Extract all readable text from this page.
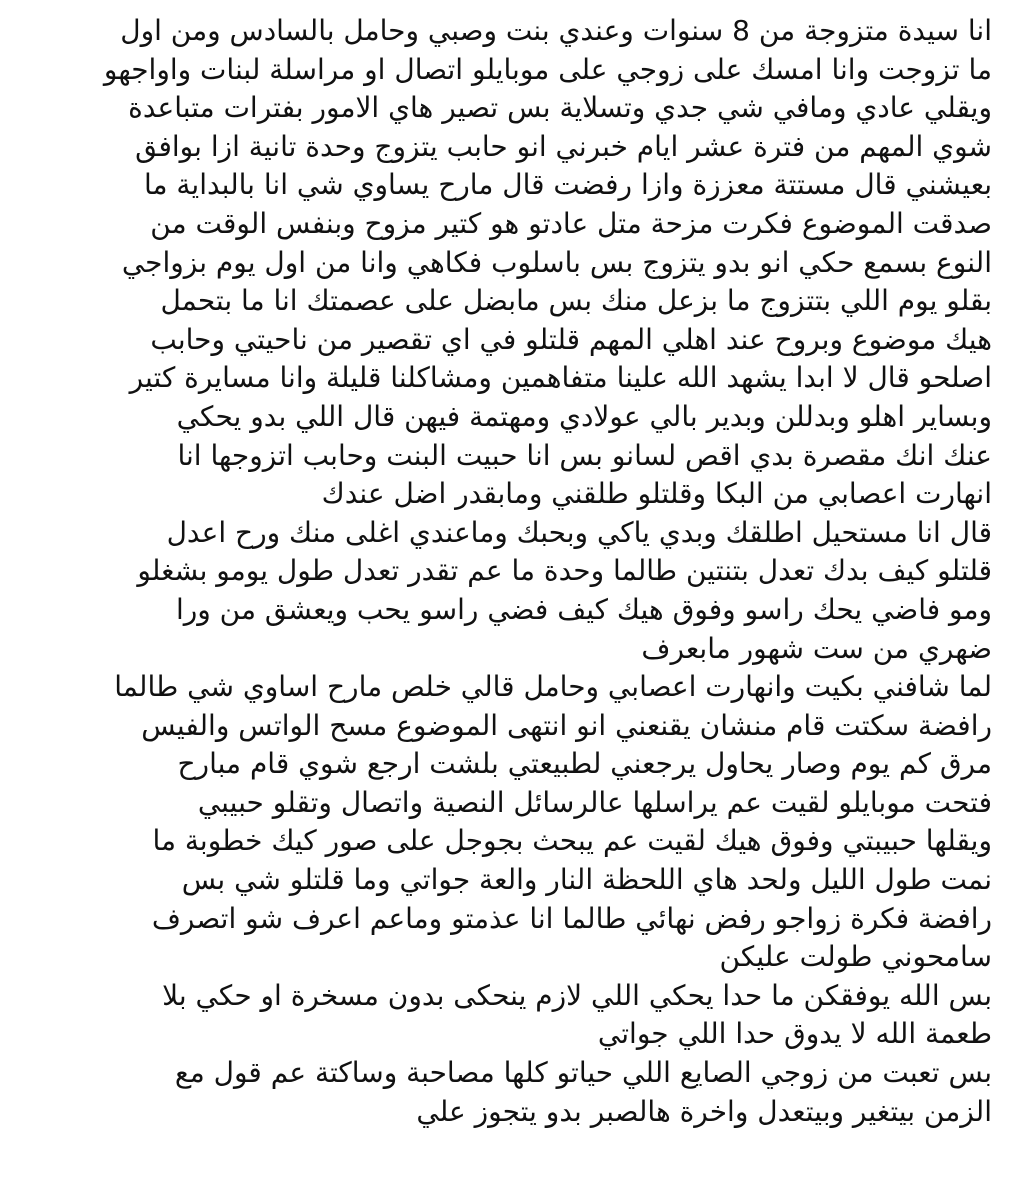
انا سيدة متزوجة من 8 سنوات وعندي بنت وصبي وحامل بالسادس ومن اول
ما تزوجت وانا امسك على زوجي على موبايلو اتصال او مراسلة لبنات واواجهو
ويقلي عادي ومافي شي جدي وتسلاية بس تصير هاي الامور بفترات متباعدة
شوي المهم من فترة عشر ايام خبرني انو حابب يتزوج وحدة تانية ازا بوافق
بعيشني قال مستتة معززة وازا رفضت قال مارح يساوي شي انا بالبداية ما
صدقت الموضوع فكرت مزحة متل عادتو هو كتير مزوح وبنفس الوقت من
النوع بسمع حكي انو بدو يتزوج بس باسلوب فكاهي وانا من اول يوم بزواجي
بقلو يوم اللي بتتزوج ما بزعل منك بس مابضل على عصمتك انا ما بتحمل
هيك موضوع وبروح عند اهلي المهم قلتلو في اي تقصير من ناحيتي وحابب
اصلحو قال لا ابدا يشهد الله علينا متفاهمين ومشاكلنا قليلة وانا مسايرة كتير
وبساير اهلو وبدللن وبدير بالي عولادي ومهتمة فيهن قال اللي بدو يحكي
عنك انك مقصرة بدي اقص لسانو بس انا حبيت البنت وحابب اتزوجها انا
انهارت اعصابي من البكا وقلتلو طلقني ومابقدر اضل عندك
قال انا مستحيل اطلقك وبدي ياكي وبحبك وماعندي اغلى منك ورح اعدل
قلتلو كيف بدك تعدل بتنتين طالما وحدة ما عم تقدر تعدل طول يومو بشغلو
ومو فاضي يحك راسو وفوق هيك كيف فضي راسو يحب ويعشق من ورا
ضهري من ست شهور مابعرف
لما شافني بكيت وانهارت اعصابي وحامل قالي خلص مارح اساوي شي طالما
رافضة سكتت قام منشان يقنعني انو انتهى الموضوع مسح الواتس والفيس
مرق كم يوم وصار يحاول يرجعني لطبيعتي بلشت ارجع شوي قام مبارح
فتحت موبايلو لقيت عم يراسلها عالرسائل النصية واتصال وتقلو حبيبي
ويقلها حبيبتي وفوق هيك لقيت عم يبحث بجوجل على صور كيك خطوبة ما
نمت طول الليل ولحد هاي اللحظة النار والعة جواتي وما قلتلو شي بس
رافضة فكرة زواجو رفض نهائي طالما انا عذمتو وماعم اعرف شو اتصرف
سامحوني طولت عليكن
بس الله يوفقكن ما حدا يحكي اللي لازم ينحكى بدون مسخرة او حكي بلا
طعمة الله لا يدوق حدا اللي جواتي
بس تعبت من زوجي الصايع اللي حياتو كلها مصاحبة وساكتة عم قول مع
الزمن بيتغير وبيتعدل واخرة هالصبر بدو يتجوز علي
